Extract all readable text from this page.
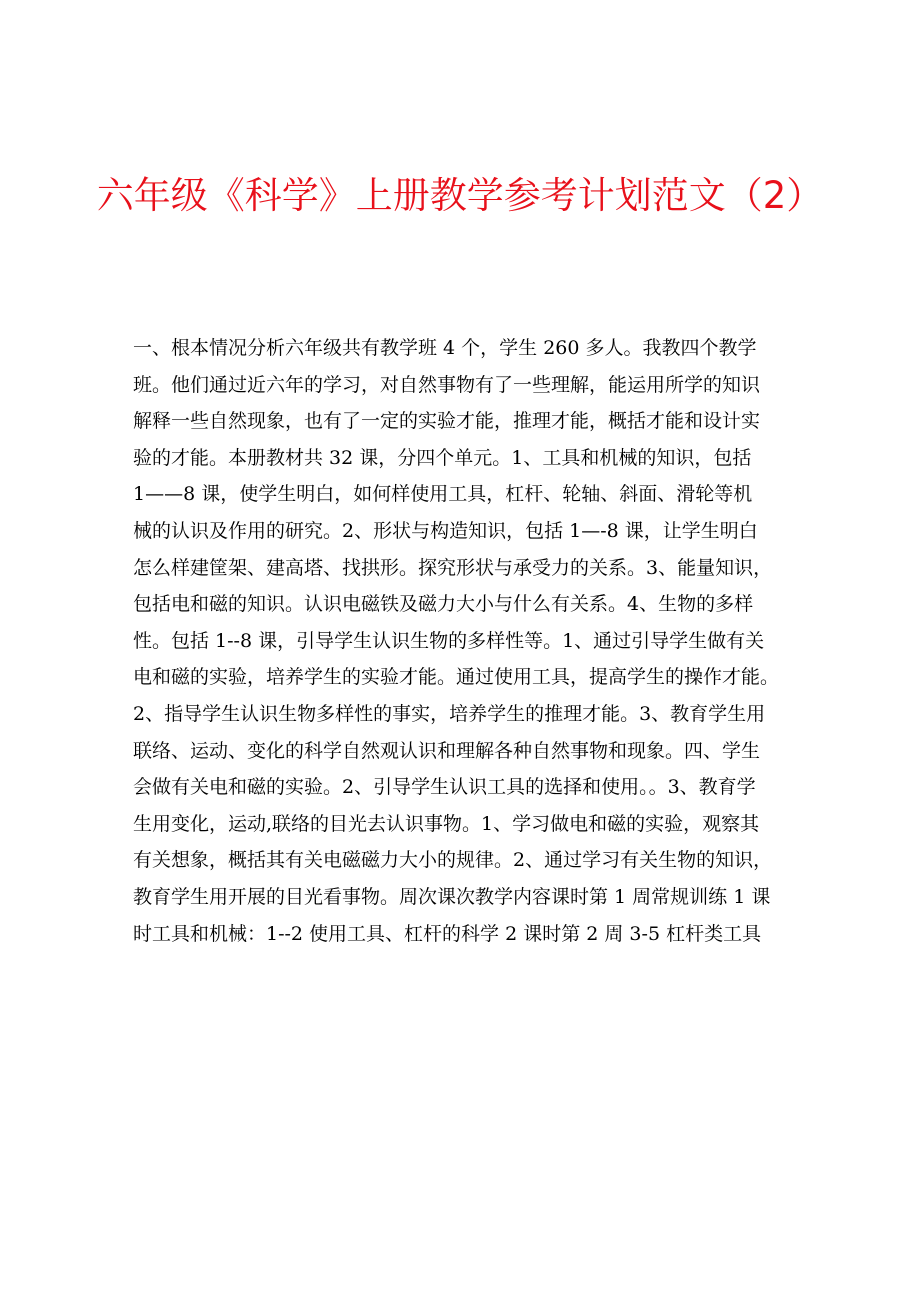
六年级《科学》上册教学参考计划范文（2）
一、根本情况分析六年级共有教学班 4 个，学生 260 多人。我教四个教学
班。他们通过近六年的学习，对自然事物有了一些理解，能运用所学的知识
解释一些自然现象，也有了一定的实验才能，推理才能，概括才能和设计实
验的才能。本册教材共 32 课，分四个单元。1、工具和机械的知识，包括
1——8 课，使学生明白，如何样使用工具，杠杆、轮轴、斜面、滑轮等机
械的认识及作用的研究。2、形状与构造知识，包括 1—-8 课，让学生明白
怎么样建筐架、建高塔、找拱形。探究形状与承受力的关系。3、能量知识，
包括电和磁的知识。认识电磁铁及磁力大小与什么有关系。4、生物的多样
性。包括 1--8 课，引导学生认识生物的多样性等。1、通过引导学生做有关
电和磁的实验，培养学生的实验才能。通过使用工具，提高学生的操作才能。
2、指导学生认识生物多样性的事实，培养学生的推理才能。3、教育学生用
联络、运动、变化的科学自然观认识和理解各种自然事物和现象。四、学生
会做有关电和磁的实验。2、引导学生认识工具的选择和使用。。3、教育学
生用变化，运动,联络的目光去认识事物。1、学习做电和磁的实验，观察其
有关想象，概括其有关电磁磁力大小的规律。2、通过学习有关生物的知识，
教育学生用开展的目光看事物。周次课次教学内容课时第 1 周常规训练 1 课
时工具和机械：1--2 使用工具、杠杆的科学 2 课时第 2 周 3-5 杠杆类工具
